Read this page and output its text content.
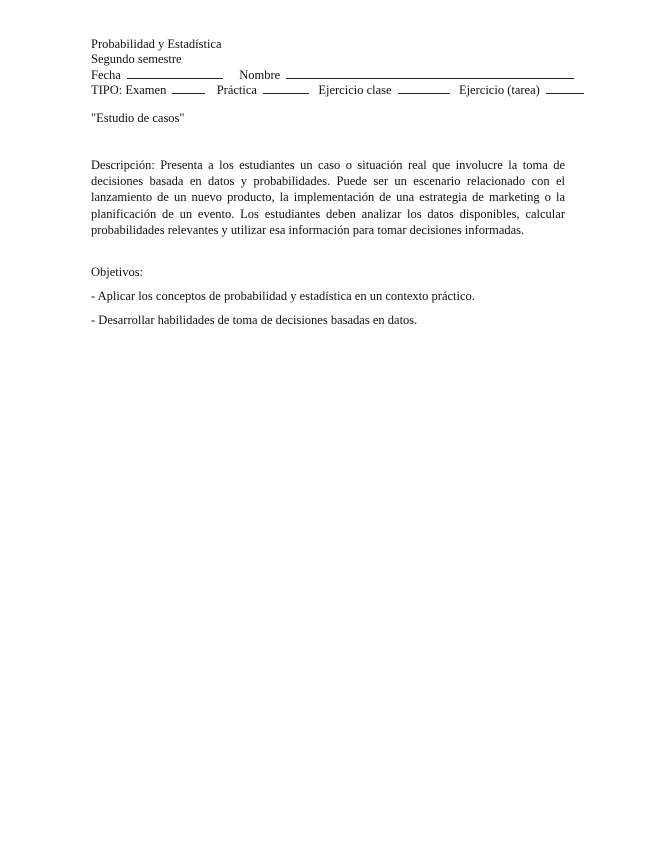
Probabilidad y Estadística
Segundo semestre
Fecha	Nombre
TIPO: Examen	Práctica	Ejercicio clase	Ejercicio (tarea)
"Estudio de casos"
Descripción: Presenta a los estudiantes un caso o situación real que involucre la toma de decisiones basada en datos y probabilidades. Puede ser un escenario relacionado con el lanzamiento de un nuevo producto, la implementación de una estrategia de marketing o la planificación de un evento. Los estudiantes deben analizar los datos disponibles, calcular probabilidades relevantes y utilizar esa información para tomar decisiones informadas.
Objetivos:
- Aplicar los conceptos de probabilidad y estadística en un contexto práctico.
- Desarrollar habilidades de toma de decisiones basadas en datos.
